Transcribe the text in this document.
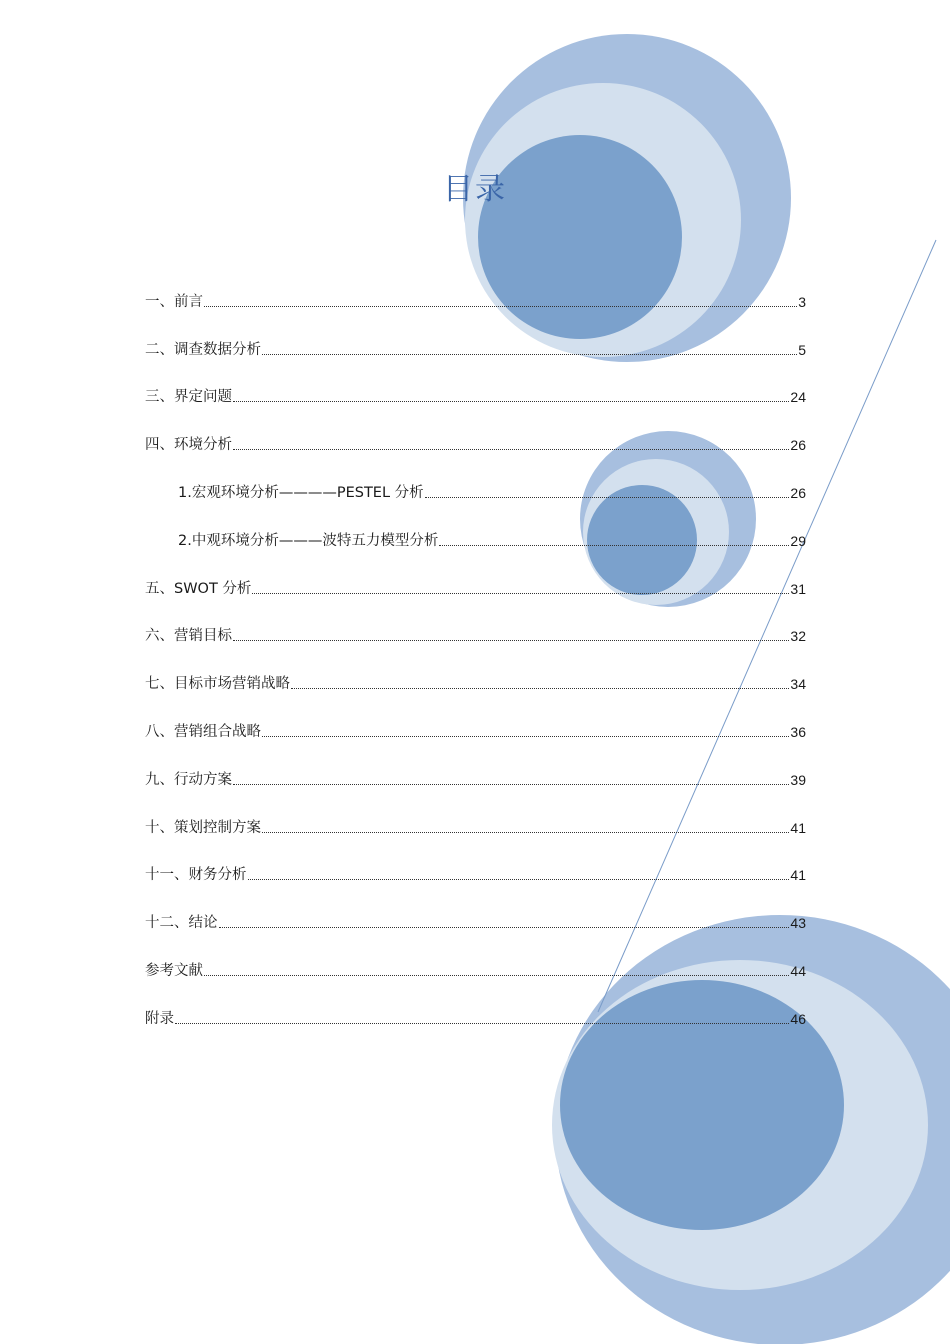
目录
一、前言	3
二、调查数据分析	5
三、界定问题	24
四、环境分析	26
1.宏观环境分析————PESTEL 分析	26
2.中观环境分析———波特五力模型分析	29
五、SWOT 分析	31
六、营销目标	32
七、目标市场营销战略	34
八、营销组合战略	36
九、行动方案	39
十、策划控制方案	41
十一、财务分析	41
十二、结论	43
参考文献	44
附录	46
